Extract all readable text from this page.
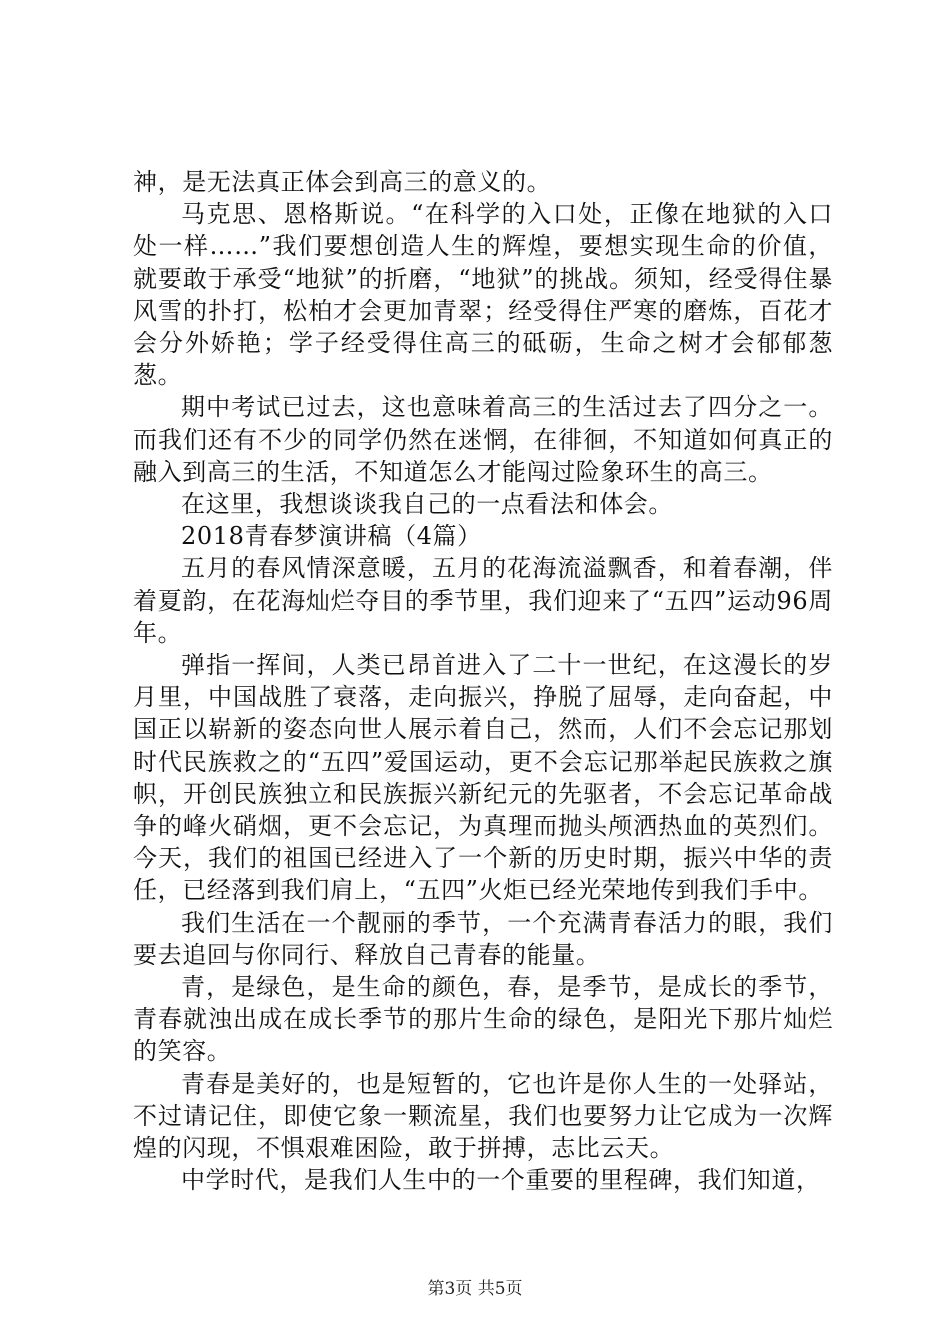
神，是无法真正体会到高三的意义的。

马克思、恩格斯说。“在科学的入口处，正像在地狱的入口处一样……”我们要想创造人生的辉煌，要想实现生命的价值，就要敢于承受“地狱”的折磨，“地狱”的挑战。须知，经受得住暴风雪的扑打，松柏才会更加青翠；经受得住严寒的磨炼，百花才会分外娇艳；学子经受得住高三的砥砺，生命之树才会郁郁葱葱。

期中考试已过去，这也意味着高三的生活过去了四分之一。而我们还有不少的同学仍然在迷惘，在徘徊，不知道如何真正的融入到高三的生活，不知道怎么才能闯过险象环生的高三。

在这里，我想谈谈我自己的一点看法和体会。

2018青春梦演讲稿（4篇）

五月的春风情深意暖，五月的花海流溢飘香，和着春潮，伴着夏韵，在花海灿烂夺目的季节里，我们迎来了“五四”运动96周年。

弹指一挥间，人类已昂首进入了二十一世纪，在这漫长的岁月里，中国战胜了衰落，走向振兴，挣脱了屈辱，走向奋起，中国正以崭新的姿态向世人展示着自己，然而，人们不会忘记那划时代民族救之的“五四”爱国运动，更不会忘记那举起民族救之旗帜，开创民族独立和民族振兴新纪元的先驱者，不会忘记革命战争的峰火硝烟，更不会忘记，为真理而抛头颅洒热血的英烈们。今天，我们的祖国已经进入了一个新的历史时期，振兴中华的责任，已经落到我们肩上，“五四”火炬已经光荣地传到我们手中。

我们生活在一个靓丽的季节，一个充满青春活力的眼，我们要去追回与你同行、释放自己青春的能量。

青，是绿色，是生命的颜色，春，是季节，是成长的季节，青春就浊出成在成长季节的那片生命的绿色，是阳光下那片灿烂的笑容。

青春是美好的，也是短暂的，它也许是你人生的一处驿站，不过请记住，即使它象一颗流星，我们也要努力让它成为一次辉煌的闪现，不惧艰难困险，敢于拼搏，志比云天。

中学时代，是我们人生中的一个重要的里程碑，我们知道，

第3页 共5页
